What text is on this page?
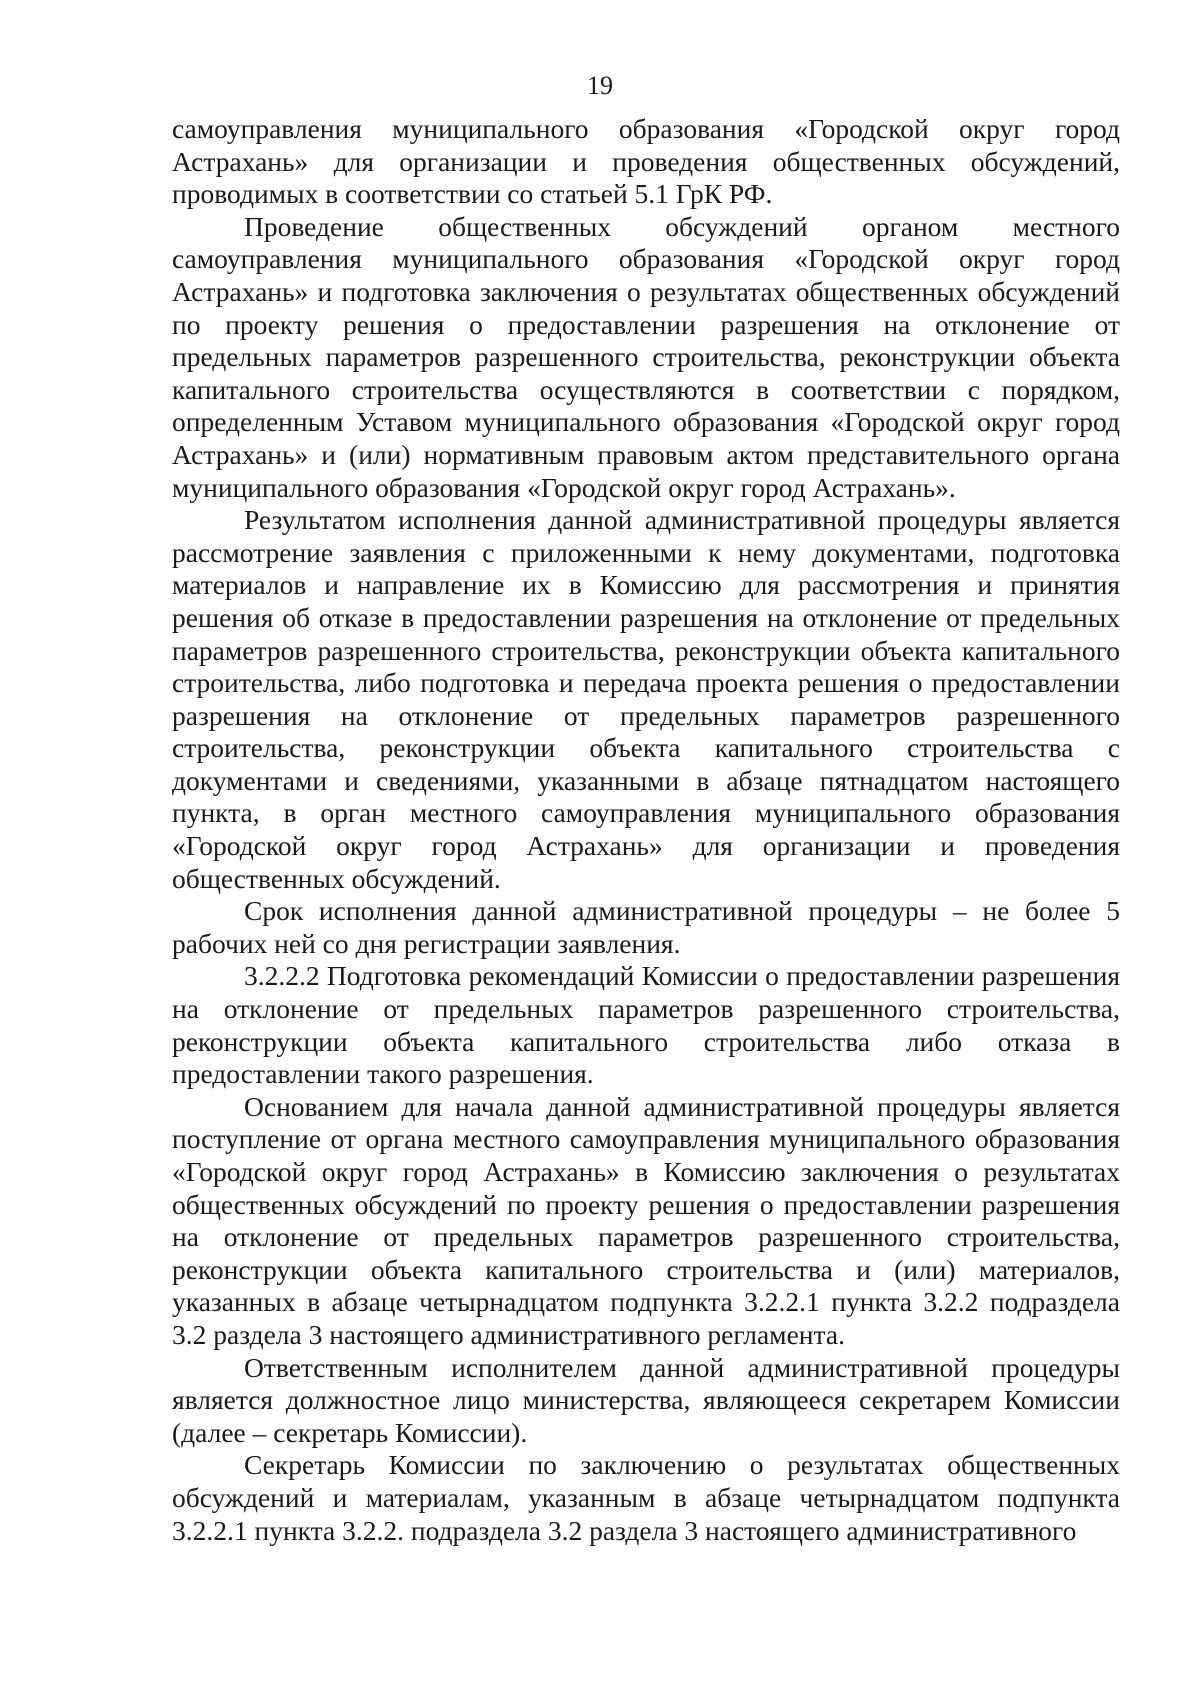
19

самоуправления муниципального образования «Городской округ город Астрахань» для организации и проведения общественных обсуждений, проводимых в соответствии со статьей 5.1 ГрК РФ.

Проведение общественных обсуждений органом местного самоуправления муниципального образования «Городской округ город Астрахань» и подготовка заключения о результатах общественных обсуждений по проекту решения о предоставлении разрешения на отклонение от предельных параметров разрешенного строительства, реконструкции объекта капитального строительства осуществляются в соответствии с порядком, определенным Уставом муниципального образования «Городской округ город Астрахань» и (или) нормативным правовым актом представительного органа муниципального образования «Городской округ город Астрахань».

Результатом исполнения данной административной процедуры является рассмотрение заявления с приложенными к нему документами, подготовка материалов и направление их в Комиссию для рассмотрения и принятия решения об отказе в предоставлении разрешения на отклонение от предельных параметров разрешенного строительства, реконструкции объекта капитального строительства, либо подготовка и передача проекта решения о предоставлении разрешения на отклонение от предельных параметров разрешенного строительства, реконструкции объекта капитального строительства с документами и сведениями, указанными в абзаце пятнадцатом настоящего пункта, в орган местного самоуправления муниципального образования «Городской округ город Астрахань» для организации и проведения общественных обсуждений.

Срок исполнения данной административной процедуры – не более 5 рабочих ней со дня регистрации заявления.

3.2.2.2 Подготовка рекомендаций Комиссии о предоставлении разрешения на отклонение от предельных параметров разрешенного строительства, реконструкции объекта капитального строительства либо отказа в предоставлении такого разрешения.

Основанием для начала данной административной процедуры является поступление от органа местного самоуправления муниципального образования «Городской округ город Астрахань» в Комиссию заключения о результатах общественных обсуждений по проекту решения о предоставлении разрешения на отклонение от предельных параметров разрешенного строительства, реконструкции объекта капитального строительства и (или) материалов, указанных в абзаце четырнадцатом подпункта 3.2.2.1 пункта 3.2.2 подраздела 3.2 раздела 3 настоящего административного регламента.

Ответственным исполнителем данной административной процедуры является должностное лицо министерства, являющееся секретарем Комиссии (далее – секретарь Комиссии).

Секретарь Комиссии по заключению о результатах общественных обсуждений и материалам, указанным в абзаце четырнадцатом подпункта 3.2.2.1 пункта 3.2.2. подраздела 3.2 раздела 3 настоящего административного
